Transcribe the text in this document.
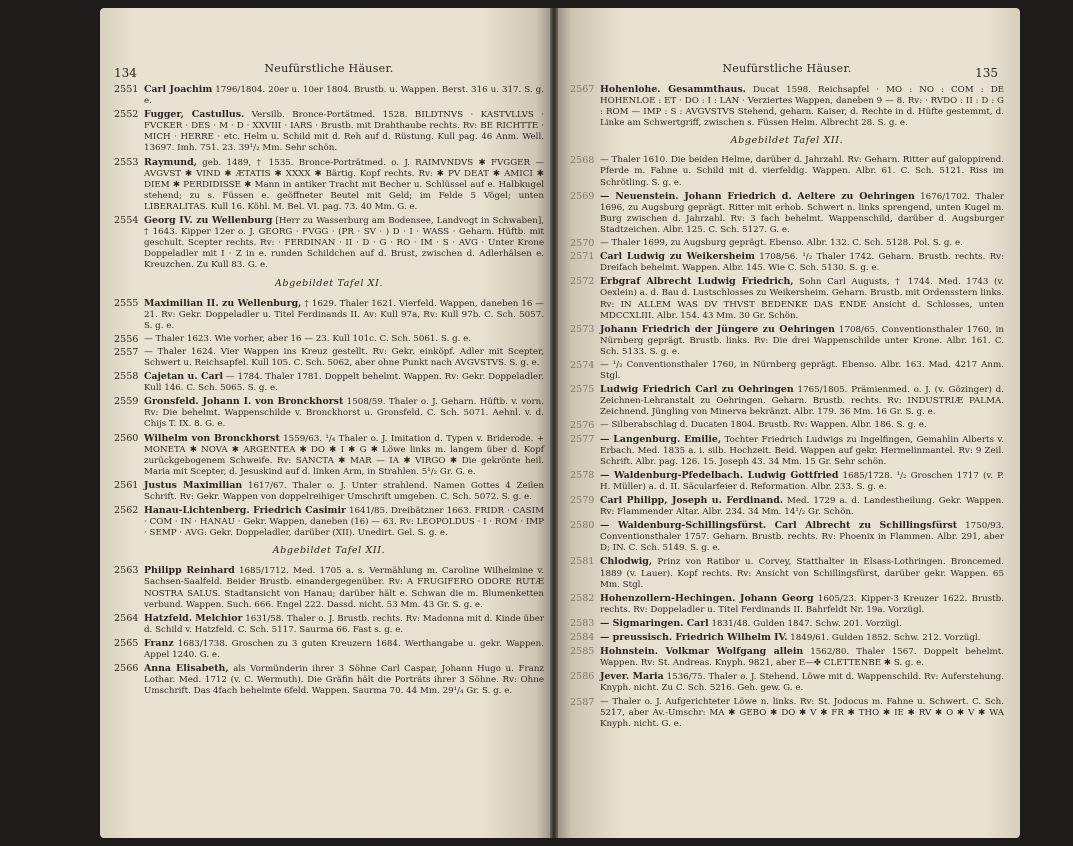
134	Neufürstliche Häuser.
2551 Carl Joachim 1796/1804. 20er u. 10er 1804. Brustb. u. Wappen. Berst. 316 u. 317. S. g. e.
2552 Fugger, Castullus. Versilb. Bronce-Portätmed. 1528. BILDTNVS · KASTVLLVS · FVCKER · DES · M · D · XXVIII · IARS · Brustb. mit Drahthaube rechts. Rv: BE RICHTTE · MICH · HERRE · etc. Helm u. Schild mit d. Reh auf d. Rüstung. Kull pag. 46 Anm. Well. 13697. Imh. 751. 23. 39¹/₂ Mm. Sehr schön.
2553 Raymund, geb. 1489, † 1535. Bronce-Porträtmed. o. J. RAIMVNDVS ✱ FVGGER — AVGVST ✱ VIND ✱ ÆTATIS ✱ XXXX ✱ Bärtig. Kopf rechts. Rv: ✱ PV DEAT ✱ AMICI ✱ DIEM ✱ PERDIDISSE ✱ Mann in antiker Tracht mit Becher u. Schlüssel auf e. Halbkugel stehend; zu s. Füssen e. geöffneter Beutel mit Geld; im Felde 5 Vögel; unten LIBERALITAS. Kull 16. Köhl. M. Bel. VI. pag. 73. 40 Mm. G. e.
2554 Georg IV. zu Wellenburg [Herr zu Wasserburg am Bodensee, Landvogt in Schwaben], † 1643. Kipper 12er o. J. GEORG · FVGG · (PR · SV · ) D · I · WASS · Geharn. Hüftb. mit geschult. Scepter rechts. Rv: · FERDINAN · II · D · G · RO · IM · S · AVG · Unter Krone Doppeladler mit I · Z in e. runden Schildchen auf d. Brust, zwischen d. Adlerhälsen e. Kreuzchen. Zu Kull 83. G. e.
Abgebildet Tafel XI.
2555 Maximilian II. zu Wellenburg, † 1629. Thaler 1621. Vierfeld. Wappen, daneben 16 — 21. Rv: Gekr. Doppeladler u. Titel Ferdinands II. Av: Kull 97a, Rv: Kull 97b. C. Sch. 5057. S. g. e.
2556 — Thaler 1623. Wie vorher, aber 16 — 23. Kull 101c. C. Sch. 5061. S. g. e.
2557 — Thaler 1624. Vier Wappen ins Kreuz gestellt. Rv: Gekr. einköpf. Adler mit Scepter, Schwert u. Reichsapfel. Kull 105. C. Sch. 5062, aber ohne Punkt nach AVGVSTVS. S. g. e.
2558 Cajetan u. Carl — 1784. Thaler 1781. Doppelt behelmt. Wappen. Rv: Gekr. Doppeladler. Kull 146. C. Sch. 5065. S. g. e.
2559 Gronsfeld. Johann I. von Bronckhorst 1508/59. Thaler o. J. Geharn. Hüftb. v. vorn. Rv: Die behelmt. Wappenschilde v. Bronckhorst u. Gronsfeld. C. Sch. 5071. Aehnl. v. d. Chijs T. IX. 8. G. e.
2560 Wilhelm von Bronckhorst 1559/63. ¹/₄ Thaler o. J. Imitation d. Typen v. Briderode. + MONETA ✱ NOVA ✱ ARGENTEA ✱ DO ✱ I ✱ G ✱ Löwe links m. langem über d. Kopf zurückgebogenem Schweife. Rv: SANCTA ✱ MAR — IA ✱ VIRGO ✱ Die gekrönte heil. Maria mit Scepter, d. Jesuskind auf d. linken Arm, in Strahlen. 5¹/₂ Gr. G. e.
2561 Justus Maximilian 1617/67. Thaler o. J. Unter strahlend. Namen Gottes 4 Zeilen Schrift. Rv: Gekr. Wappen von doppelreihiger Umschrift umgeben. C. Sch. 5072. S. g. e.
2562 Hanau-Lichtenberg. Friedrich Casimir 1641/85. Dreibätzner 1663. FRIDR · CASIM · COM · IN · HANAU · Gekr. Wappen, daneben (16) — 63. Rv: LEOPOLDUS · I · ROM · IMP · SEMP · AVG: Gekr. Doppeladler, darüber (XII). Unedirt. Gel. S. g. e.
Abgebildet Tafel XII.
2563 Philipp Reinhard 1685/1712. Med. 1705 a. s. Vermählung m. Caroline Wilhelmine v. Sachsen-Saalfeld. Beider Brustb. einandergegenüber. Rv: A FRUGIFERO ODORE RUTÆ NOSTRA SALUS. Stadtansicht von Hanau; darüber hält e. Schwan die m. Blumenketten verbund. Wappen. Such. 666. Engel 222. Dassd. nicht. 53 Mm. 43 Gr. S. g. e.
2564 Hatzfeld. Melchior 1631/58. Thaler o. J. Brustb. rechts. Rv: Madonna mit d. Kinde über d. Schild v. Hatzfeld. C. Sch. 5117. Saurma 66. Fast s. g. e.
2565 Franz 1683/1738. Groschen zu 3 guten Kreuzern 1684. Werthangabe u. gekr. Wappen. Appel 1240. G. e.
2566 Anna Elisabeth, als Vormünderin ihrer 3 Söhne Carl Caspar, Johann Hugo u. Franz Lothar. Med. 1712 (v. C. Wermuth). Die Gräfin hält die Porträts ihrer 3 Söhne. Rv: Ohne Umschrift. Das 4fach behelmte 6feld. Wappen. Saurma 70. 44 Mm. 29¹/₄ Gr. S. g. e.
Neufürstliche Häuser.	135
2567 Hohenlohe. Gesammthaus. Ducat 1598. Reichsapfel · MO : NO : COM : DE HOHENLOE : ET · DO : I : LAN · Verziertes Wappen, daneben 9 — 8. Rv: · RVDO : II : D : G : ROM — IMP : S : AVGVSTVS Stehend, geharn. Kaiser, d. Rechte in d. Hüfte gestemmt, d. Linke am Schwertgriff, zwischen s. Füssen Helm. Albrecht 28. S. g. e.
Abgebildet Tafel XII.
2568 — Thaler 1610. Die beiden Helme, darüber d. Jahrzahl. Rv: Geharn. Ritter auf galoppirend. Pferde m. Fahne u. Schild mit d. vierfeldig. Wappen. Albr. 61. C. Sch. 5121. Riss im Schrötling. S. g. e.
2569 — Neuenstein. Johann Friedrich d. Aeltere zu Oehringen 1676/1702. Thaler 1696, zu Augsburg geprägt. Ritter mit erhob. Schwert n. links sprengend, unten Kugel m. Burg zwischen d. Jahrzahl. Rv: 3 fach behelmt. Wappenschild, darüber d. Augsburger Stadtzeichen. Albr. 125. C. Sch. 5127. G. e.
2570 — Thaler 1699, zu Augsburg geprägt. Ebenso. Albr. 132. C. Sch. 5128. Pol. S. g. e.
2571 Carl Ludwig zu Weikersheim 1708/56. ¹/₂ Thaler 1742. Geharn. Brustb. rechts. Rv: Dreifach behelmt. Wappen. Albr. 145. Wie C. Sch. 5130. S. g. e.
2572 Erbgraf Albrecht Ludwig Friedrich, Sohn Carl Augusts, † 1744. Med. 1743 (v. Oexlein) a. d. Bau d. Lustschlosses zu Weikersheim. Geharn. Brustb. mit Ordensstern links. Rv: IN ALLEM WAS DV THVST BEDENKE DAS ENDE Ansicht d. Schlosses, unten MDCCXLIII. Albr. 154. 43 Mm. 30 Gr. Schön.
2573 Johann Friedrich der Jüngere zu Oehringen 1708/65. Conventionsthaler 1760, in Nürnberg geprägt. Brustb. links. Rv: Die drei Wappenschilde unter Krone. Albr. 161. C. Sch. 5133. S. g. e.
2574 — ¹/₂ Conventionsthaler 1760, in Nürnberg geprägt. Ebenso. Albr. 163. Mad. 4217 Anm. Stgl.
2575 Ludwig Friedrich Carl zu Oehringen 1765/1805. Prämienmed. o. J. (v. Gözinger) d. Zeichnen-Lehranstalt zu Oehringen. Geharn. Brustb. rechts. Rv: INDUSTRIÆ PALMA. Zeichnend. Jüngling von Minerva bekränzt. Albr. 179. 36 Mm. 16 Gr. S. g. e.
2576 — Silberabschlag d. Ducaten 1804. Brustb. Rv: Wappen. Albr. 186. S. g. e.
2577 — Langenburg. Emilie, Tochter Friedrich Ludwigs zu Ingelfingen, Gemahlin Alberts v. Erbach. Med. 1835 a. i. silb. Hochzeit. Beid. Wappen auf gekr. Hermelinmantel. Rv: 9 Zeil. Schrift. Albr. pag. 126. 15. Joseph 43. 34 Mm. 15 Gr. Sehr schön.
2578 — Waldenburg-Pfedelbach. Ludwig Gottfried 1685/1728. ¹/₂ Groschen 1717 (v. P. H. Müller) a. d. II. Säcularfeier d. Reformation. Albr. 233. S. g. e.
2579 Carl Philipp, Joseph u. Ferdinand. Med. 1729 a. d. Landestheilung. Gekr. Wappen. Rv: Flammender Altar. Albr. 234. 34 Mm. 14¹/₂ Gr. Schön.
2580 — Waldenburg-Schillingsfürst. Carl Albrecht zu Schillingsfürst 1750/93. Conventionsthaler 1757. Geharn. Brustb. rechts. Rv: Phoenix in Flammen. Albr. 291, aber D; IN. C. Sch. 5149. S. g. e.
2581 Chlodwig, Prinz von Ratibor u. Corvey, Statthalter in Elsass-Lothringen. Broncemed. 1889 (v. Lauer). Kopf rechts. Rv: Ansicht von Schillingsfürst, darüber gekr. Wappen. 65 Mm. Stgl.
2582 Hohenzollern-Hechingen. Johann Georg 1605/23. Kipper-3 Kreuzer 1622. Brustb. rechts. Rv: Doppeladler u. Titel Ferdinands II. Bahrfeldt Nr. 19a. Vorzügl.
2583 — Sigmaringen. Carl 1831/48. Gulden 1847. Schw. 201. Vorzügl.
2584 — preussisch. Friedrich Wilhelm IV. 1849/61. Gulden 1852. Schw. 212. Vorzügl.
2585 Hohnstein. Volkmar Wolfgang allein 1562/80. Thaler 1567. Doppelt behelmt. Wappen. Rv: St. Andreas. Knyph. 9821, aber E—✤ CLETTENBE ✱ S. g. e.
2586 Jever. Maria 1536/75. Thaler o. J. Stehend. Löwe mit d. Wappenschild. Rv: Auferstehung. Knyph. nicht. Zu C. Sch. 5216. Geh. gew. G. e.
2587 — Thaler o. J. Aufgerichteter Löwe n. links. Rv: St. Jodocus m. Fahne u. Schwert. C. Sch. 5217, aber Av.-Umschr: MA ✱ GEBO ✱ DO ✱ V ✱ FR ✱ THO ✱ IE ✱ RV ✱ O ✱ V ✱ WA Knyph. nicht. G. e.
